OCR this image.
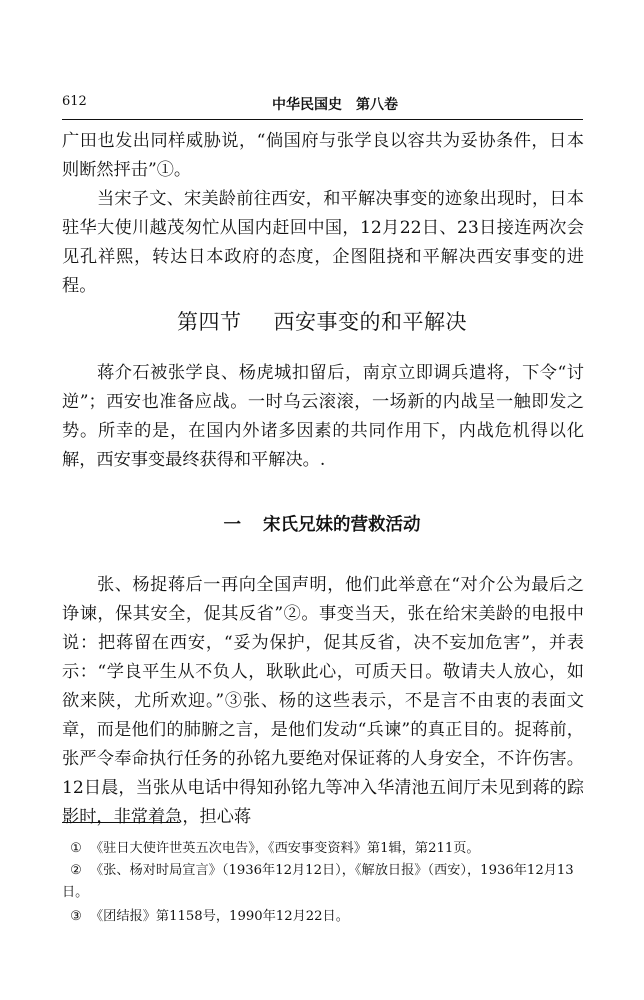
612	中华民国史　第八卷

广田也发出同样威胁说，“倘国府与张学良以容共为妥协条件，日本则断然抨击”①。

当宋子文、宋美龄前往西安，和平解决事变的迹象出现时，日本驻华大使川越茂匆忙从国内赶回中国，12月22日、23日接连两次会见孔祥熙，转达日本政府的态度，企图阻挠和平解决西安事变的进程。

第四节 西安事变的和平解决

蒋介石被张学良、杨虎城扣留后，南京立即调兵遣将，下令“讨逆”；西安也准备应战。一时乌云滚滚，一场新的内战呈一触即发之势。所幸的是，在国内外诸多因素的共同作用下，内战危机得以化解，西安事变最终获得和平解决。.

一 宋氏兄妹的营救活动

张、杨捉蒋后一再向全国声明，他们此举意在“对介公为最后之诤谏，保其安全，促其反省”②。事变当天，张在给宋美龄的电报中说：把蒋留在西安，“妥为保护，促其反省，决不妄加危害”，并表示：“学良平生从不负人，耿耿此心，可质天日。敬请夫人放心，如欲来陕，尤所欢迎。”③张、杨的这些表示，不是言不由衷的表面文章，而是他们的肺腑之言，是他们发动“兵谏”的真正目的。捉蒋前，张严令奉命执行任务的孙铭九要绝对保证蒋的人身安全，不许伤害。12日晨，当张从电话中得知孙铭九等冲入华清池五间厅未见到蒋的踪影时，非常着急，担心蒋

① 《驻日大使许世英五次电告》，《西安事变资料》第1辑，第211页。

② 《张、杨对时局宣言》（1936年12月12日），《解放日报》（西安），1936年12月13日。

③ 《团结报》第1158号，1990年12月22日。
